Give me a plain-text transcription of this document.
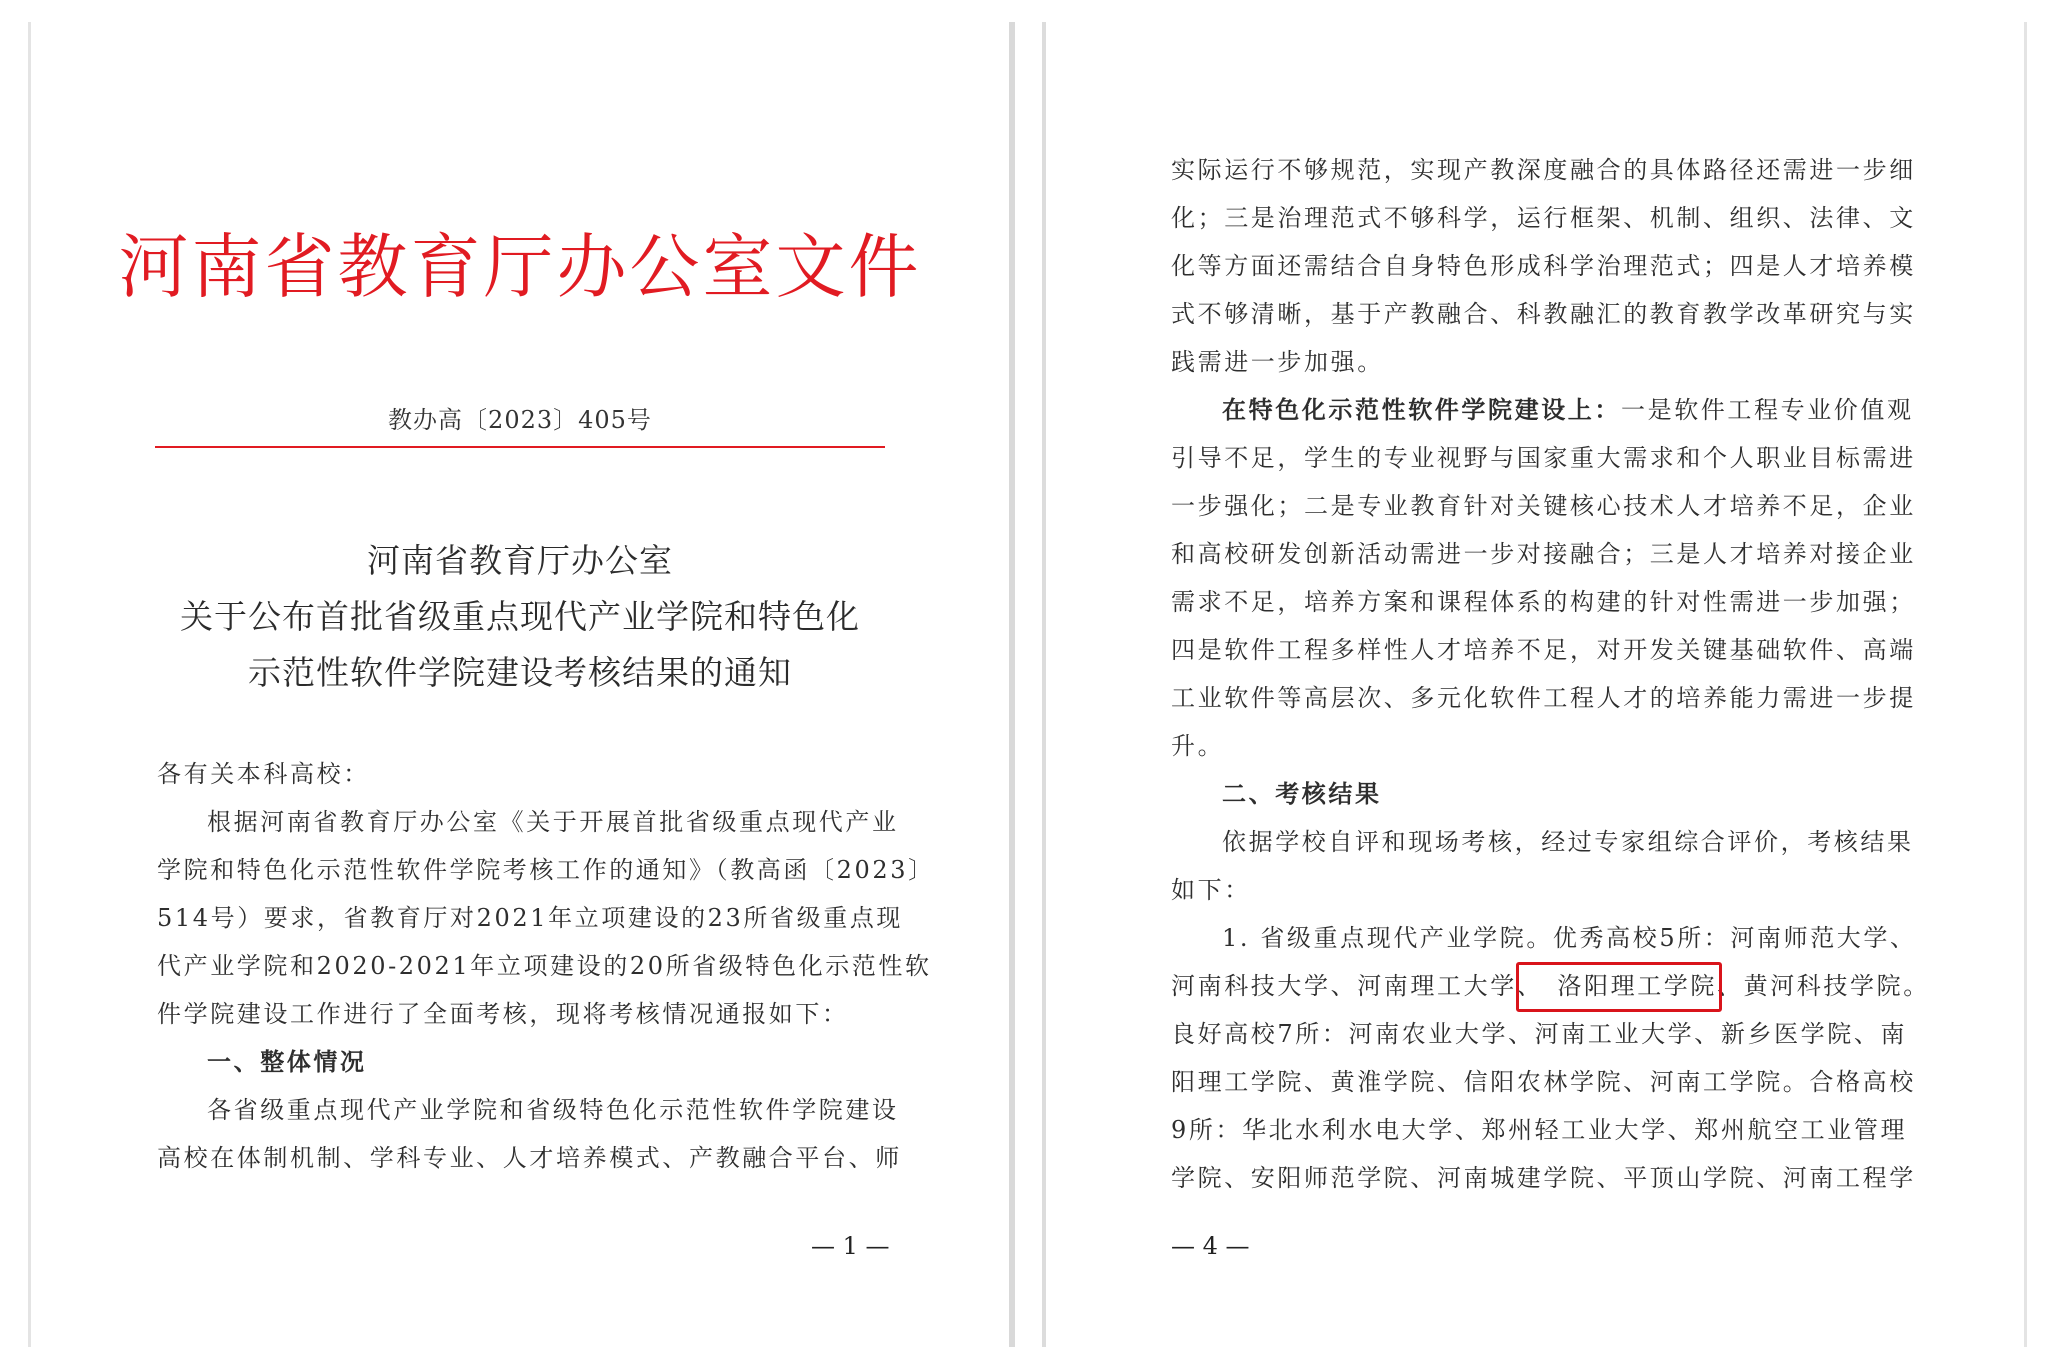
河南省教育厅办公室文件
教办高〔2023〕405号
河南省教育厅办公室
关于公布首批省级重点现代产业学院和特色化
示范性软件学院建设考核结果的通知
各有关本科高校：
根据河南省教育厅办公室《关于开展首批省级重点现代产业
学院和特色化示范性软件学院考核工作的通知》（教高函〔2023〕
514号）要求，省教育厅对2021年立项建设的23所省级重点现
代产业学院和2020-2021年立项建设的20所省级特色化示范性软
件学院建设工作进行了全面考核，现将考核情况通报如下：
一、整体情况
各省级重点现代产业学院和省级特色化示范性软件学院建设
高校在体制机制、学科专业、人才培养模式、产教融合平台、师
— 1 —
实际运行不够规范，实现产教深度融合的具体路径还需进一步细
化；三是治理范式不够科学，运行框架、机制、组织、法律、文
化等方面还需结合自身特色形成科学治理范式；四是人才培养模
式不够清晰，基于产教融合、科教融汇的教育教学改革研究与实
践需进一步加强。
在特色化示范性软件学院建设上：一是软件工程专业价值观
引导不足，学生的专业视野与国家重大需求和个人职业目标需进
一步强化；二是专业教育针对关键核心技术人才培养不足，企业
和高校研发创新活动需进一步对接融合；三是人才培养对接企业
需求不足，培养方案和课程体系的构建的针对性需进一步加强；
四是软件工程多样性人才培养不足，对开发关键基础软件、高端
工业软件等高层次、多元化软件工程人才的培养能力需进一步提
升。
二、考核结果
依据学校自评和现场考核，经过专家组综合评价，考核结果
如下：
1. 省级重点现代产业学院。优秀高校5所：河南师范大学、
河南科技大学、河南理工大学、 洛阳理工学院、黄河科技学院。
良好高校7所：河南农业大学、河南工业大学、新乡医学院、南
阳理工学院、黄淮学院、信阳农林学院、河南工学院。合格高校
9所：华北水利水电大学、郑州轻工业大学、郑州航空工业管理
学院、安阳师范学院、河南城建学院、平顶山学院、河南工程学
— 4 —
